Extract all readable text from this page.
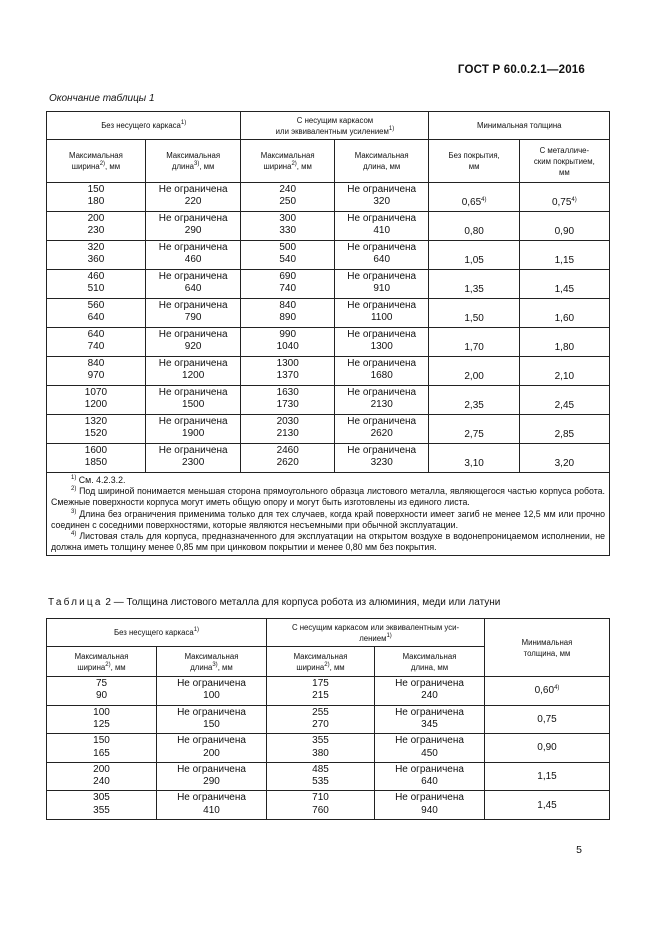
ГОСТ Р 60.0.2.1—2016
Окончание таблицы 1
Без несущего каркаса$^{1)}$		С несущим каркасом
или эквивалентным усилением$^{1)}$		Минимальная толщина	
Максимальная
ширина$^{2)}$, мм	Максимальная
длина$^{3)}$, мм	Максимальная
ширина$^{2)}$, мм	Максимальная
длина, мм	Без покрытия,
мм	С металличе-
ским покрытием,
мм

150
180	Не ограничена
220	240
250	Не ограничена
320	0,65$^{4)}$	0,75$^{4)}$

200
230	Не ограничена
290	300
330	Не ограничена
410	0,80	0,90

320
360	Не ограничена
460	500
540	Не ограничена
640	1,05	1,15

460
510	Не ограничена
640	690
740	Не ограничена
910	1,35	1,45

560
640	Не ограничена
790	840
890	Не ограничена
1100	1,50	1,60

640
740	Не ограничена
920	990
1040	Не ограничена
1300	1,70	1,80

840
970	Не ограничена
1200	1300
1370	Не ограничена
1680	2,00	2,10

1070
1200	Не ограничена
1500	1630
1730	Не ограничена
2130	2,35	2,45

1320
1520	Не ограничена
1900	2030
2130	Не ограничена
2620	2,75	2,85

1600
1850	Не ограничена
2300	2460
2620	Не ограничена
3230	3,10	3,20

$^{1)}$ См. 4.2.3.2.

$^{2)}$ Под шириной понимается меньшая сторона прямоугольного образца листового металла, являющегося частью корпуса робота. Смежные поверхности корпуса могут иметь общую опору и могут быть изготовлены из единого листа.

$^{3)}$ Длина без ограничения применима только для тех случаев, когда край поверхности имеет загиб не менее 12,5 мм или прочно соединен с соседними поверхностями, которые являются несъемными при обычной эксплуатации.

$^{4)}$ Листовая сталь для корпуса, предназначенного для эксплуатации на открытом воздухе в водонепроницаемом исполнении, не должна иметь толщину менее 0,85 мм при цинковом покрытии и менее 0,80 мм без покрытия.					

Таблица 2 — Толщина листового металла для корпуса робота из алюминия, меди или латуни
Без несущего каркаса$^{1)}$		С несущим каркасом или эквивалентным уси-
лением$^{1)}$		Минимальная
толщина, мм
Максимальная
ширина$^{2)}$, мм	Максимальная
длина$^{3)}$, мм	Максимальная
ширина$^{2)}$, мм	Максимальная
длина, мм	

75
90	Не ограничена
100	175
215	Не ограничена
240	0,60$^{4)}$

100
125	Не ограничена
150	255
270	Не ограничена
345	0,75

150
165	Не ограничена
200	355
380	Не ограничена
450	0,90

200
240	Не ограничена
290	485
535	Не ограничена
640	1,15

305
355	Не ограничена
410	710
760	Не ограничена
940	1,45
5
